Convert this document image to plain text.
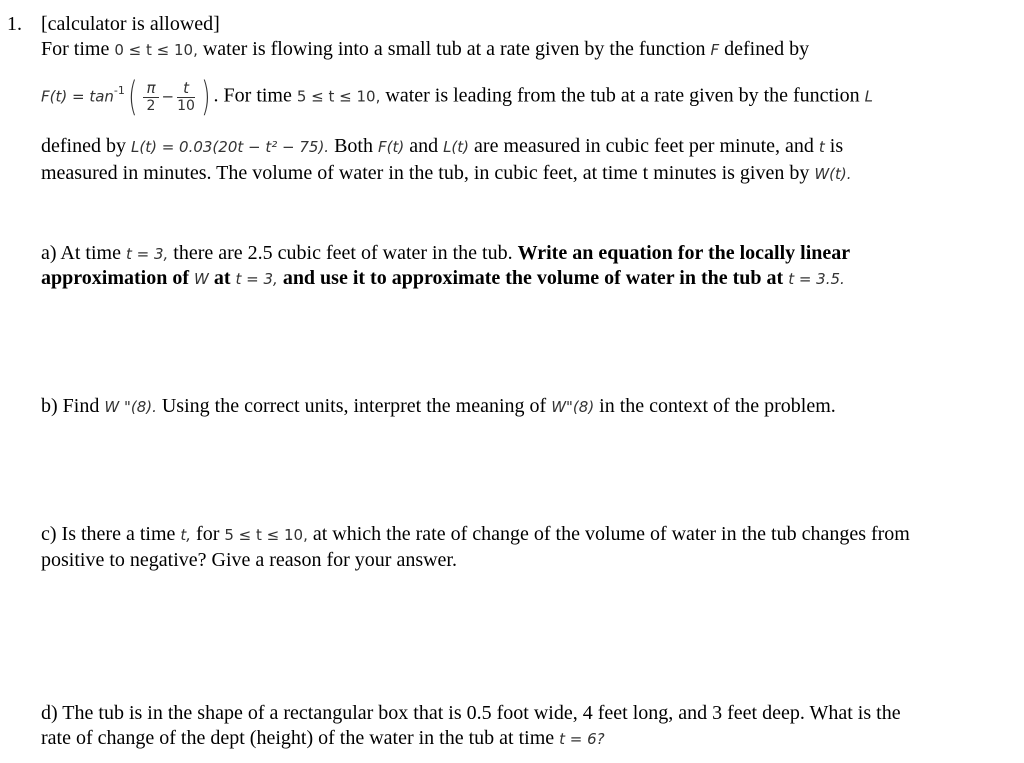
1. [calculator is allowed]
For time 0 ≤ t ≤ 10, water is flowing into a small tub at a rate given by the function F defined by
$F(t) = \tan^{-1}( \frac{\pi}{2} - \frac{t}{10}$ ) . For time 5 ≤ t ≤ 10, water is leading from the tub at a rate given by the function L
defined by L(t) = 0.03(20t − t² − 75). Both F(t) and L(t) are measured in cubic feet per minute, and t is
measured in minutes. The volume of water in the tub, in cubic feet, at time t minutes is given by W(t).
a) At time t = 3, there are 2.5 cubic feet of water in the tub. Write an equation for the locally linear
approximation of W at t = 3, and use it to approximate the volume of water in the tub at t = 3.5.
b) Find W "(8). Using the correct units, interpret the meaning of W"(8) in the context of the problem.
c) Is there a time t, for 5 ≤ t ≤ 10, at which the rate of change of the volume of water in the tub changes from
positive to negative? Give a reason for your answer.
d) The tub is in the shape of a rectangular box that is 0.5 foot wide, 4 feet long, and 3 feet deep. What is the
rate of change of the dept (height) of the water in the tub at time t = 6?
